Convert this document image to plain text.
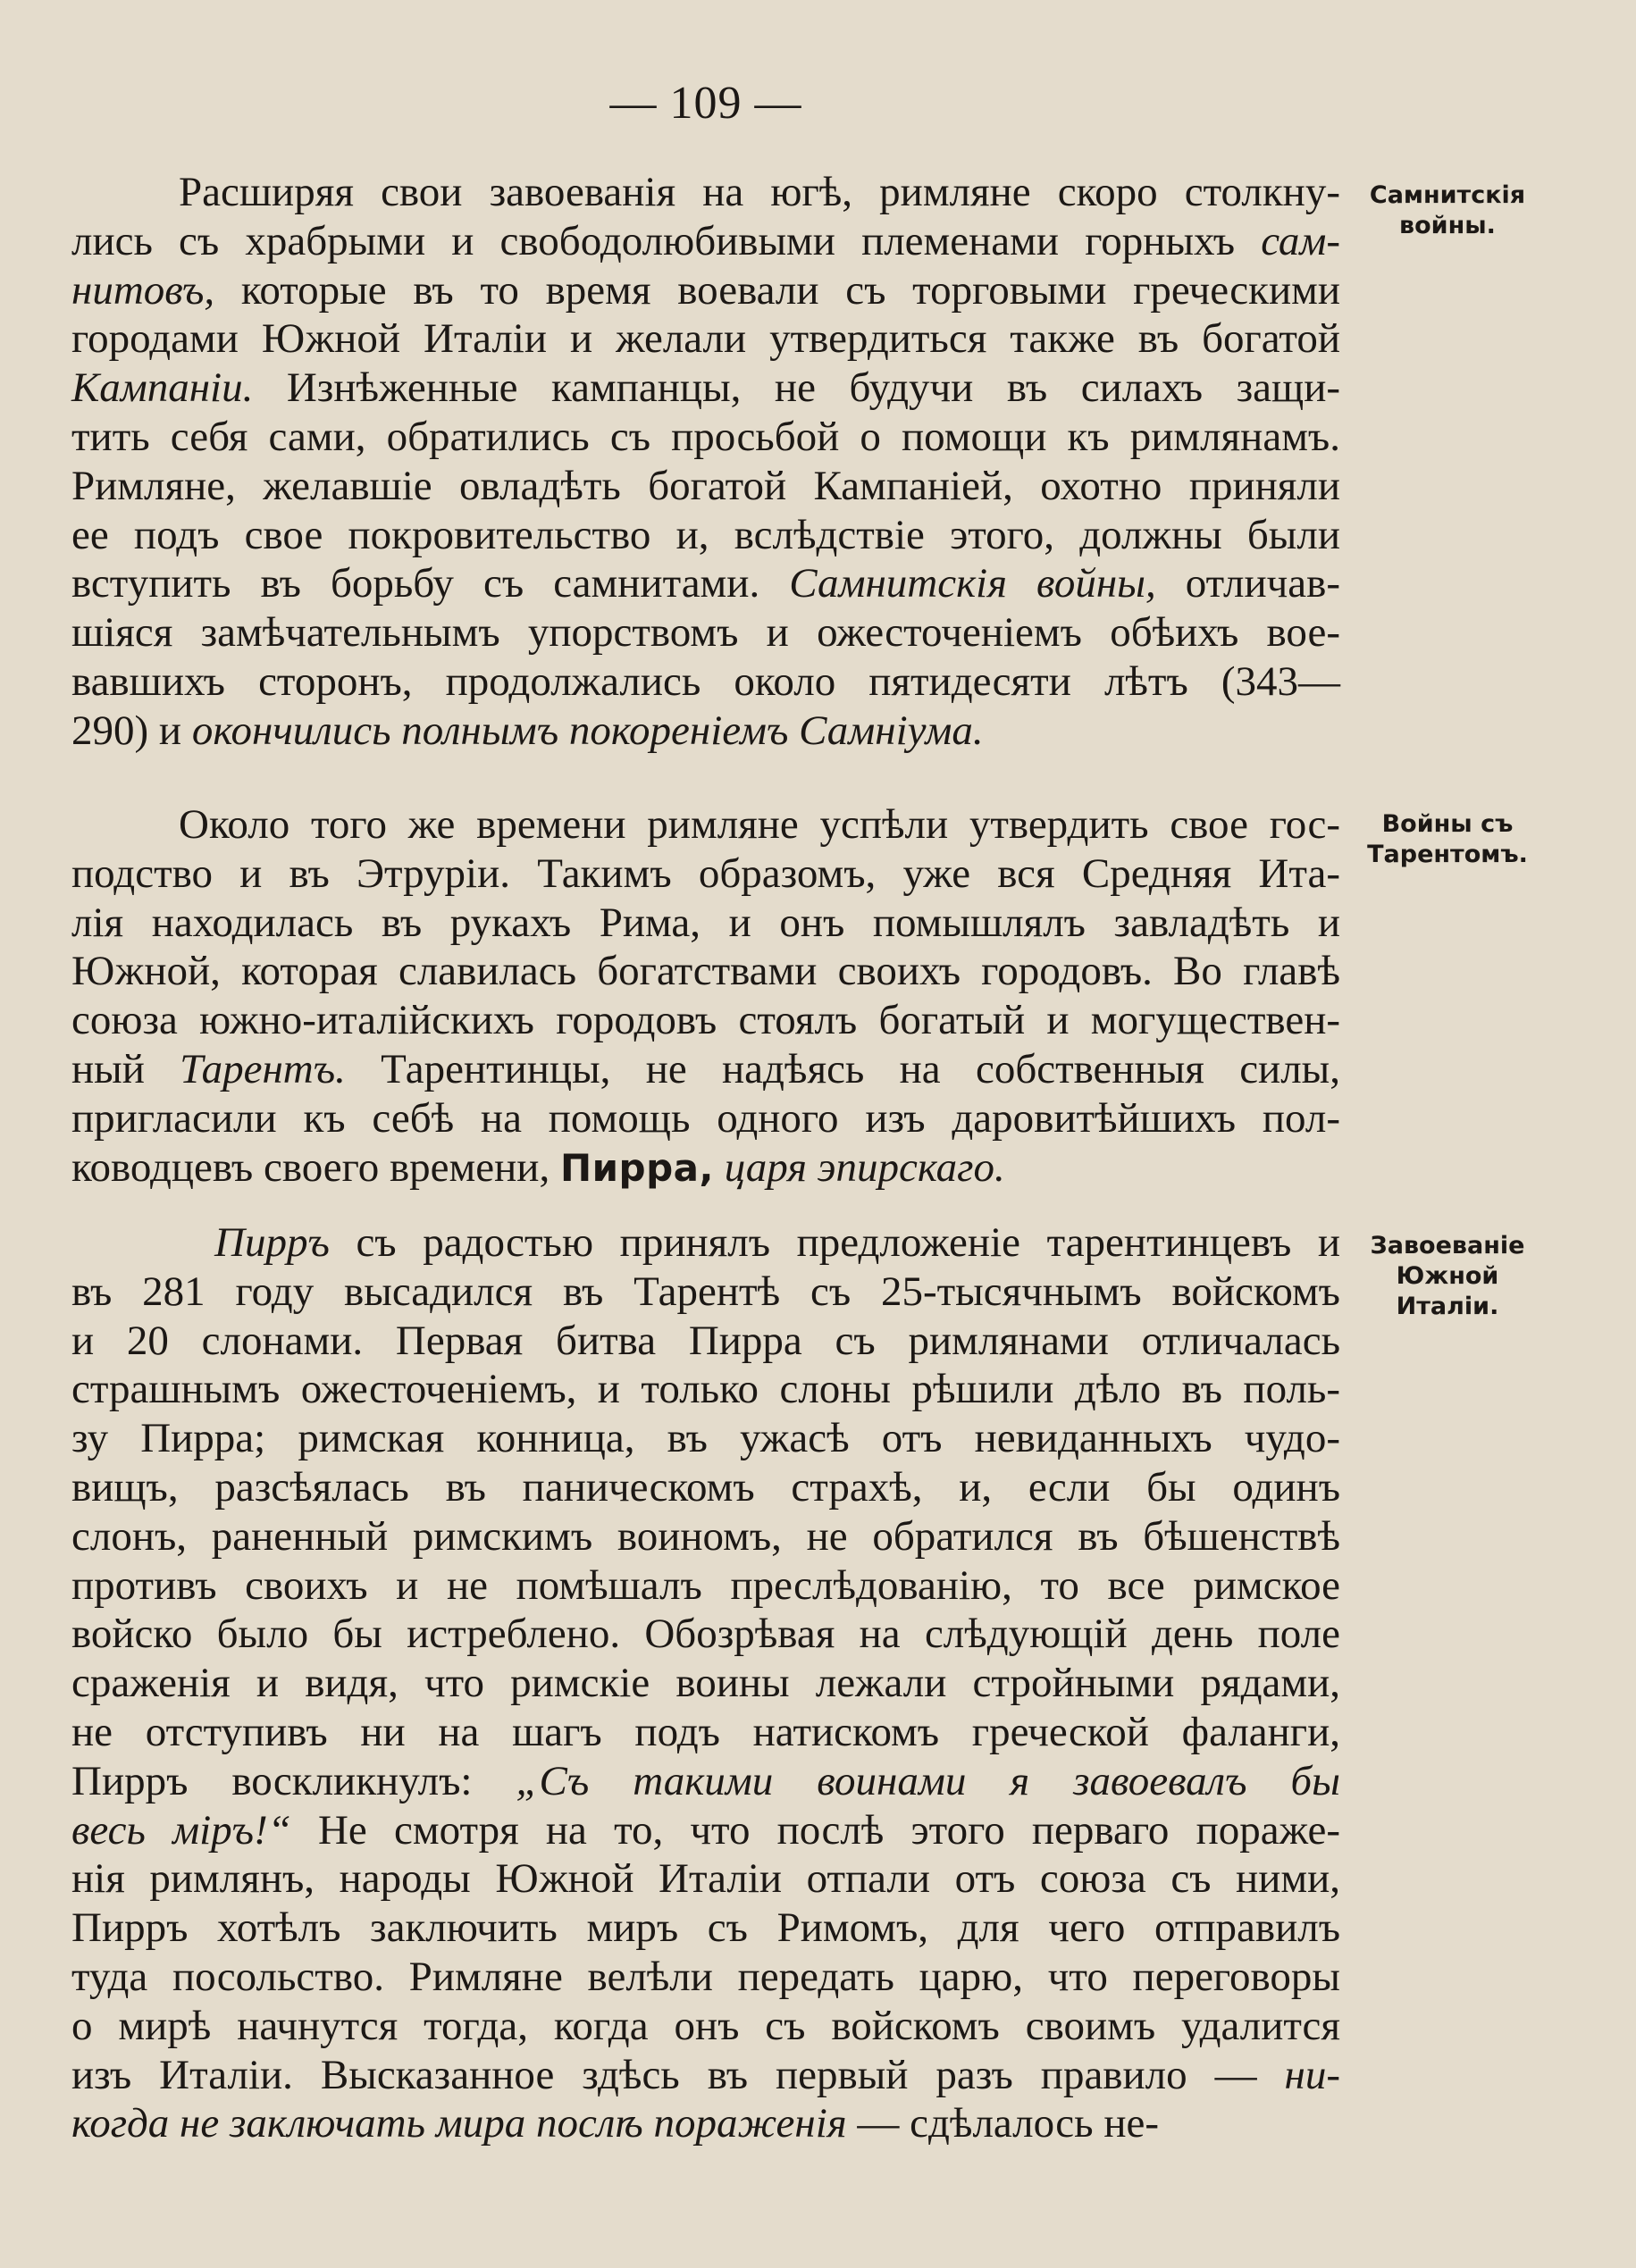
— 109 —
Расширяя свои завоеванія на югѣ, римляне скоро столкну-
лись съ храбрыми и свободолюбивыми племенами горныхъ сам-
нитовъ, которые въ то время воевали съ торговыми греческими
городами Южной Италіи и желали утвердиться также въ богатой
Кампаніи. Изнѣженные кампанцы, не будучи въ силахъ защи-
тить себя сами, обратились съ просьбой о помощи къ римлянамъ.
Римляне, желавшіе овладѣть богатой Кампаніей, охотно приняли
ее подъ свое покровительство и, вслѣдствіе этого, должны были
вступить въ борьбу съ самнитами. Самнитскія войны, отличав-
шіяся замѣчательнымъ упорствомъ и ожесточеніемъ обѣихъ вое-
вавшихъ сторонъ, продолжались около пятидесяти лѣтъ (343—
290) и окончились полнымъ покореніемъ Самніума.
Около того же времени римляне успѣли утвердить свое гос-
подство и въ Этруріи. Такимъ образомъ, уже вся Средняя Ита-
лія находилась въ рукахъ Рима, и онъ помышлялъ завладѣть и
Южной, которая славилась богатствами своихъ городовъ. Во главѣ
союза южно-италійскихъ городовъ стоялъ богатый и могуществен-
ный Тарентъ. Тарентинцы, не надѣясь на собственныя силы,
пригласили къ себѣ на помощь одного изъ даровитѣйшихъ пол-
ководцевъ своего времени, Пирра, царя эпирскаго.
Пирръ съ радостью принялъ предложеніе тарентинцевъ и
въ 281 году высадился въ Тарентѣ съ 25-тысячнымъ войскомъ
и 20 слонами. Первая битва Пирра съ римлянами отличалась
страшнымъ ожесточеніемъ, и только слоны рѣшили дѣло въ поль-
зу Пирра; римская конница, въ ужасѣ отъ невиданныхъ чудо-
вищъ, разсѣялась въ паническомъ страхѣ, и, если бы одинъ
слонъ, раненный римскимъ воиномъ, не обратился въ бѣшенствѣ
противъ своихъ и не помѣшалъ преслѣдованію, то все римское
войско было бы истреблено. Обозрѣвая на слѣдующій день поле
сраженія и видя, что римскіе воины лежали стройными рядами,
не отступивъ ни на шагъ подъ натискомъ греческой фаланги,
Пирръ воскликнулъ: „Съ такими воинами я завоевалъ бы
весь міръ!“ Не смотря на то, что послѣ этого перваго пораже-
нія римлянъ, народы Южной Италіи отпали отъ союза съ ними,
Пирръ хотѣлъ заключить миръ съ Римомъ, для чего отправилъ
туда посольство. Римляне велѣли передать царю, что переговоры
о мирѣ начнутся тогда, когда онъ съ войскомъ своимъ удалится
изъ Италіи. Высказанное здѣсь въ первый разъ правило — ни-
когда не заключать мира послѣ пораженія — сдѣлалось не-
Самнитскія
войны.
Войны съ
Тарентомъ.
Завоеваніе
Южной
Италіи.
